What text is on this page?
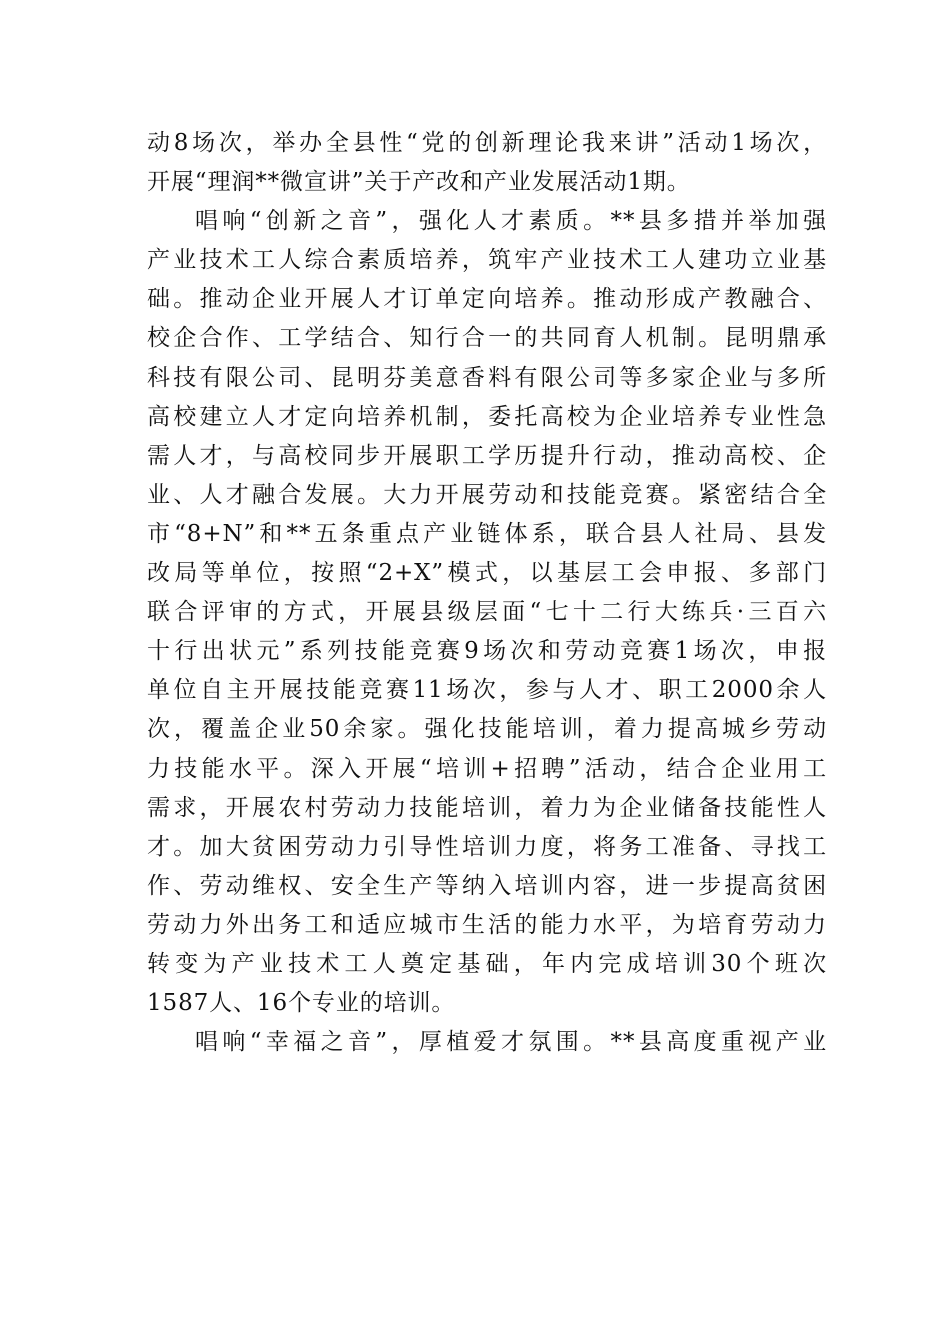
动8场次，举办全县性“党的创新理论我来讲”活动1场次，
开展“理润**微宣讲”关于产改和产业发展活动1期。
唱响“创新之音”，强化人才素质。**县多措并举加强
产业技术工人综合素质培养，筑牢产业技术工人建功立业基
础。推动企业开展人才订单定向培养。推动形成产教融合、
校企合作、工学结合、知行合一的共同育人机制。昆明鼎承
科技有限公司、昆明芬美意香料有限公司等多家企业与多所
高校建立人才定向培养机制，委托高校为企业培养专业性急
需人才，与高校同步开展职工学历提升行动，推动高校、企
业、人才融合发展。大力开展劳动和技能竞赛。紧密结合全
市“8+N”和**五条重点产业链体系，联合县人社局、县发
改局等单位，按照“2+X”模式，以基层工会申报、多部门
联合评审的方式，开展县级层面“七十二行大练兵·三百六
十行出状元”系列技能竞赛9场次和劳动竞赛1场次，申报
单位自主开展技能竞赛11场次，参与人才、职工2000余人
次，覆盖企业50余家。强化技能培训，着力提高城乡劳动
力技能水平。深入开展“培训+招聘”活动，结合企业用工
需求，开展农村劳动力技能培训，着力为企业储备技能性人
才。加大贫困劳动力引导性培训力度，将务工准备、寻找工
作、劳动维权、安全生产等纳入培训内容，进一步提高贫困
劳动力外出务工和适应城市生活的能力水平，为培育劳动力
转变为产业技术工人奠定基础，年内完成培训30个班次
1587人、16个专业的培训。
唱响“幸福之音”，厚植爱才氛围。**县高度重视产业
